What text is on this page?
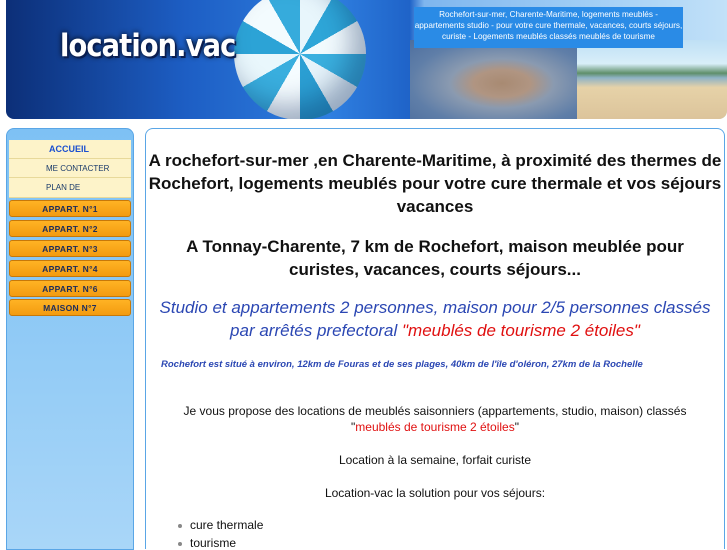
location.vac
Rochefort-sur-mer, Charente-Maritime, logements meublés - appartements studio - pour votre cure thermale, vacances, courts séjours, curiste - Logements meublés classés meublés de tourisme
ACCUEIL
ME CONTACTER
PLAN DE
APPART. N°1
APPART. N°2
APPART. N°3
APPART. N°4
APPART. N°6
MAISON N°7
A rochefort-sur-mer ,en Charente-Maritime, à proximité des thermes de Rochefort, logements meublés pour votre cure thermale et vos séjours vacances
A Tonnay-Charente, 7 km de Rochefort, maison meublée pour curistes, vacances, courts séjours...
Studio et appartements 2 personnes, maison pour 2/5 personnes classés par arrêtés prefectoral "meublés de tourisme 2 étoiles"
Rochefort est situé à environ, 12km de Fouras et de ses plages, 40km de l'île d'oléron, 27km de la Rochelle
Je vous propose des locations de meublés saisonniers (appartements, studio, maison) classés "meublés de tourisme 2 étoiles"
Location à la semaine, forfait curiste
Location-vac la solution pour vos séjours:
cure thermale
tourisme
